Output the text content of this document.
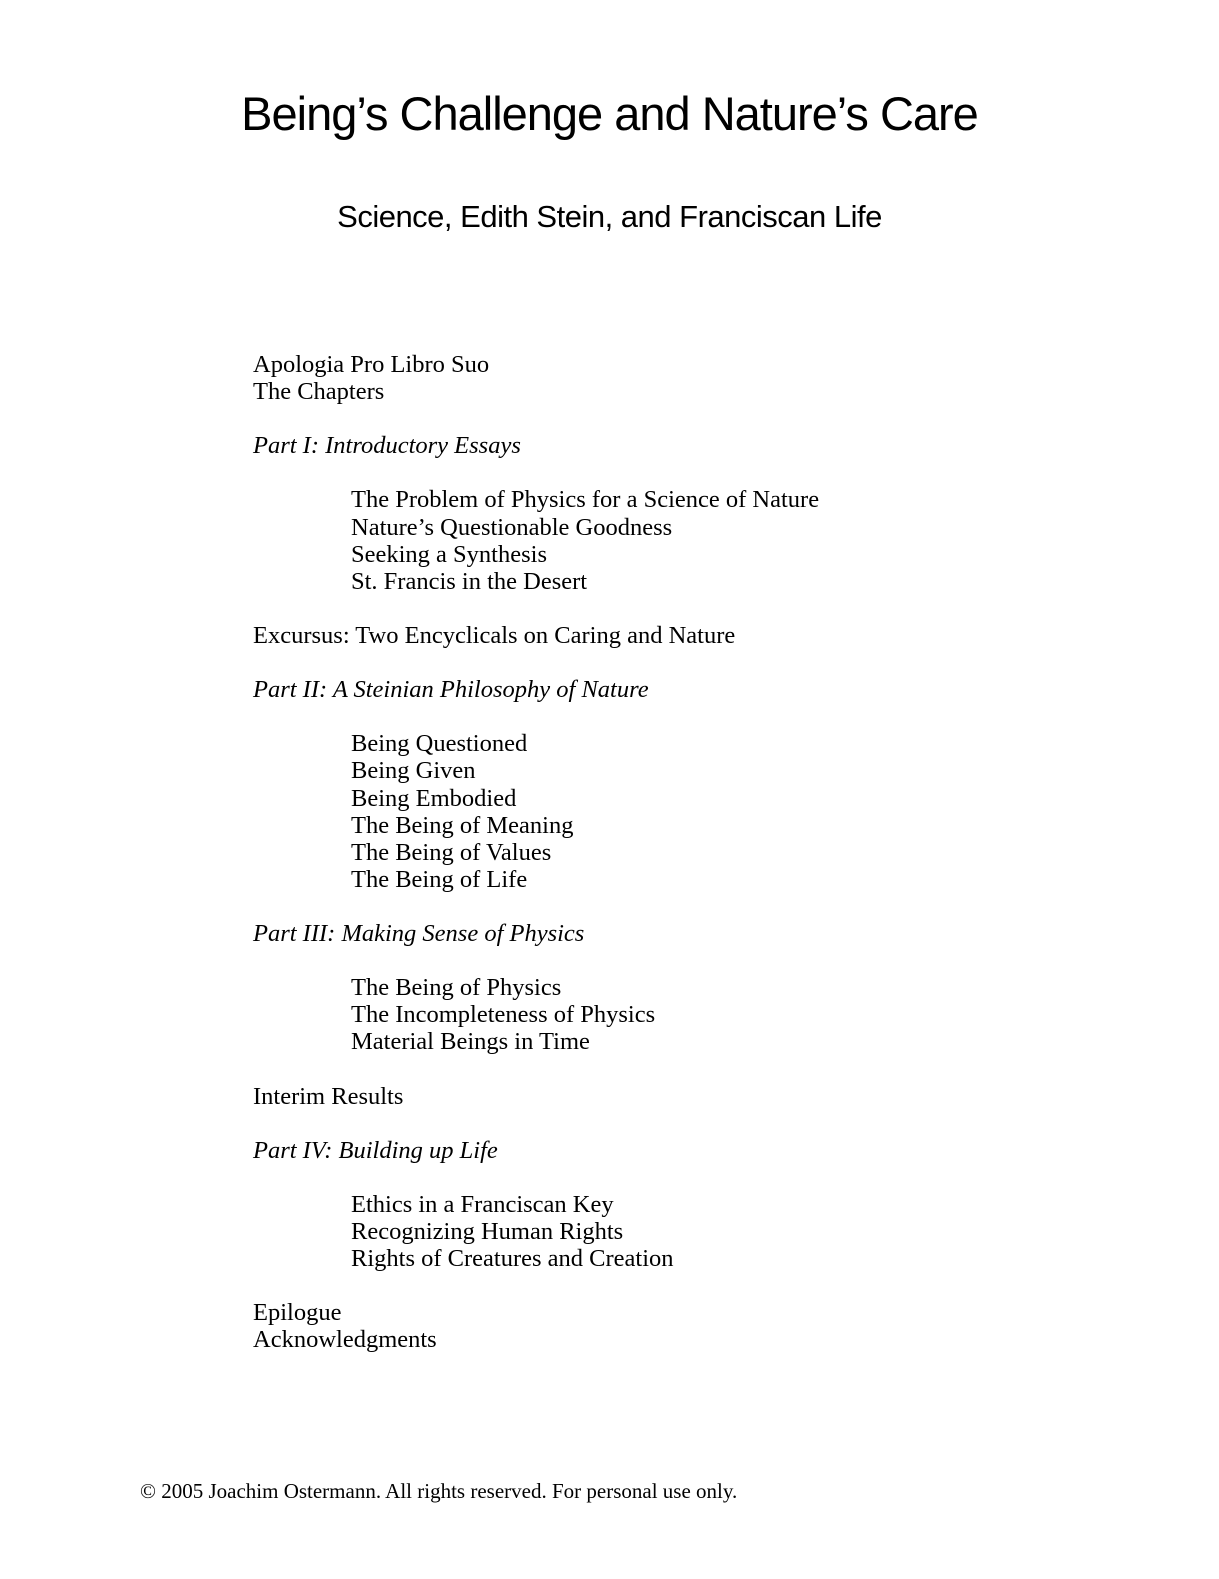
Being’s Challenge and Nature’s Care
Science, Edith Stein, and Franciscan Life
Apologia Pro Libro Suo
The Chapters
Part I: Introductory Essays
The Problem of Physics for a Science of Nature
Nature’s Questionable Goodness
Seeking a Synthesis
St. Francis in the Desert
Excursus: Two Encyclicals on Caring and Nature
Part II: A Steinian Philosophy of Nature
Being Questioned
Being Given
Being Embodied
The Being of Meaning
The Being of Values
The Being of Life
Part III: Making Sense of Physics
The Being of Physics
The Incompleteness of Physics
Material Beings in Time
Interim Results
Part IV: Building up Life
Ethics in a Franciscan Key
Recognizing Human Rights
Rights of Creatures and Creation
Epilogue
Acknowledgments
© 2005 Joachim Ostermann. All rights reserved. For personal use only.
